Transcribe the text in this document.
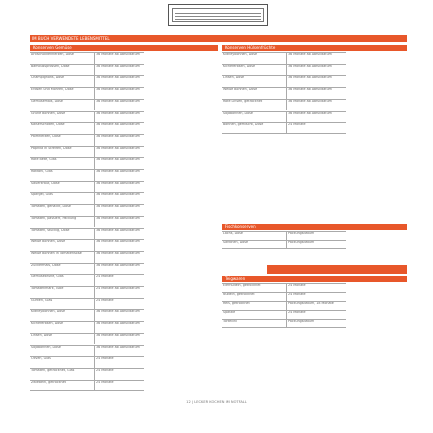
IM BUCH VERWENDETE LEBENSMITTEL
Konserven Gemüse	Konserven Hülsenfrüchte
Artischockenherzen, Dose	36 Monate ab Abfülldatum
Bambussprossen, Dose	36 Monate ab Abfülldatum
Champignons, Dose	36 Monate ab Abfülldatum
Erbsen und Möhren, Dose	36 Monate ab Abfülldatum
Gemüsemais, Dose	36 Monate ab Abfülldatum
Grüne Bohnen, Dose	36 Monate ab Abfülldatum
Kaiserschoten, Dose	36 Monate ab Abfülldatum
Palmherzen, Dose	36 Monate ab Abfülldatum
Paprika in Streifen, Dose	36 Monate ab Abfülldatum
Rote Bete, Glas	36 Monate ab Abfülldatum
Rotkohl, Glas	36 Monate ab Abfülldatum
Sauerkraut, Dose	36 Monate ab Abfülldatum
Spargel, Glas	36 Monate ab Abfülldatum
Tomaten, gehackt, Dose	36 Monate ab Abfülldatum
Tomaten, passiert, Packung	36 Monate ab Abfülldatum
Tomaten, stückig, Dose	36 Monate ab Abfülldatum
Weiße Bohnen, Dose	36 Monate ab Abfülldatum
Weiße Bohnen in Tomatensoße	36 Monate ab Abfülldatum
Zuckermais, Dose	36 Monate ab Abfülldatum
Gemüsebrühe, Glas	24 Monate
Tomatenmark, Tube	24 Monate ab Abfülldatum
Gurken, Glas	24 Monate
Kidneybohnen, Dose	36 Monate ab Abfülldatum
Kichererbsen, Dose	36 Monate ab Abfülldatum
Linsen, Dose	36 Monate ab Abfülldatum
Sojabohnen, Dose	36 Monate ab Abfülldatum
Oliven, Glas	24 Monate
Tomaten, getrocknet, Glas	24 Monate
Zwiebeln, getrocknet	24 Monate
Kidneybohnen, Dose	36 Monate ab Abfülldatum
Kichererbsen, Dose	36 Monate ab Abfülldatum
Linsen, Dose	36 Monate ab Abfülldatum
Weiße Bohnen, Dose	36 Monate ab Abfülldatum
Rote Linsen, getrocknet	36 Monate ab Abfülldatum
Sojabohnen, Dose	36 Monate ab Abfülldatum
Bohnen, gemischt, Dose	24 Monate
Fischkonserven
Lachs, Dose	Packungsdatum
Sardinen, Dose	Packungsdatum
Teigwaren
Eiernudeln, getrocknet	24 Monate
Nudeln, getrocknet	24 Monate
Reis, getrocknet	Packungsdatum, 18 Monate
Spätzle	24 Monate
Tortellini	Packungsdatum
12 | LECKER KOCHEN IM NOTFALL
